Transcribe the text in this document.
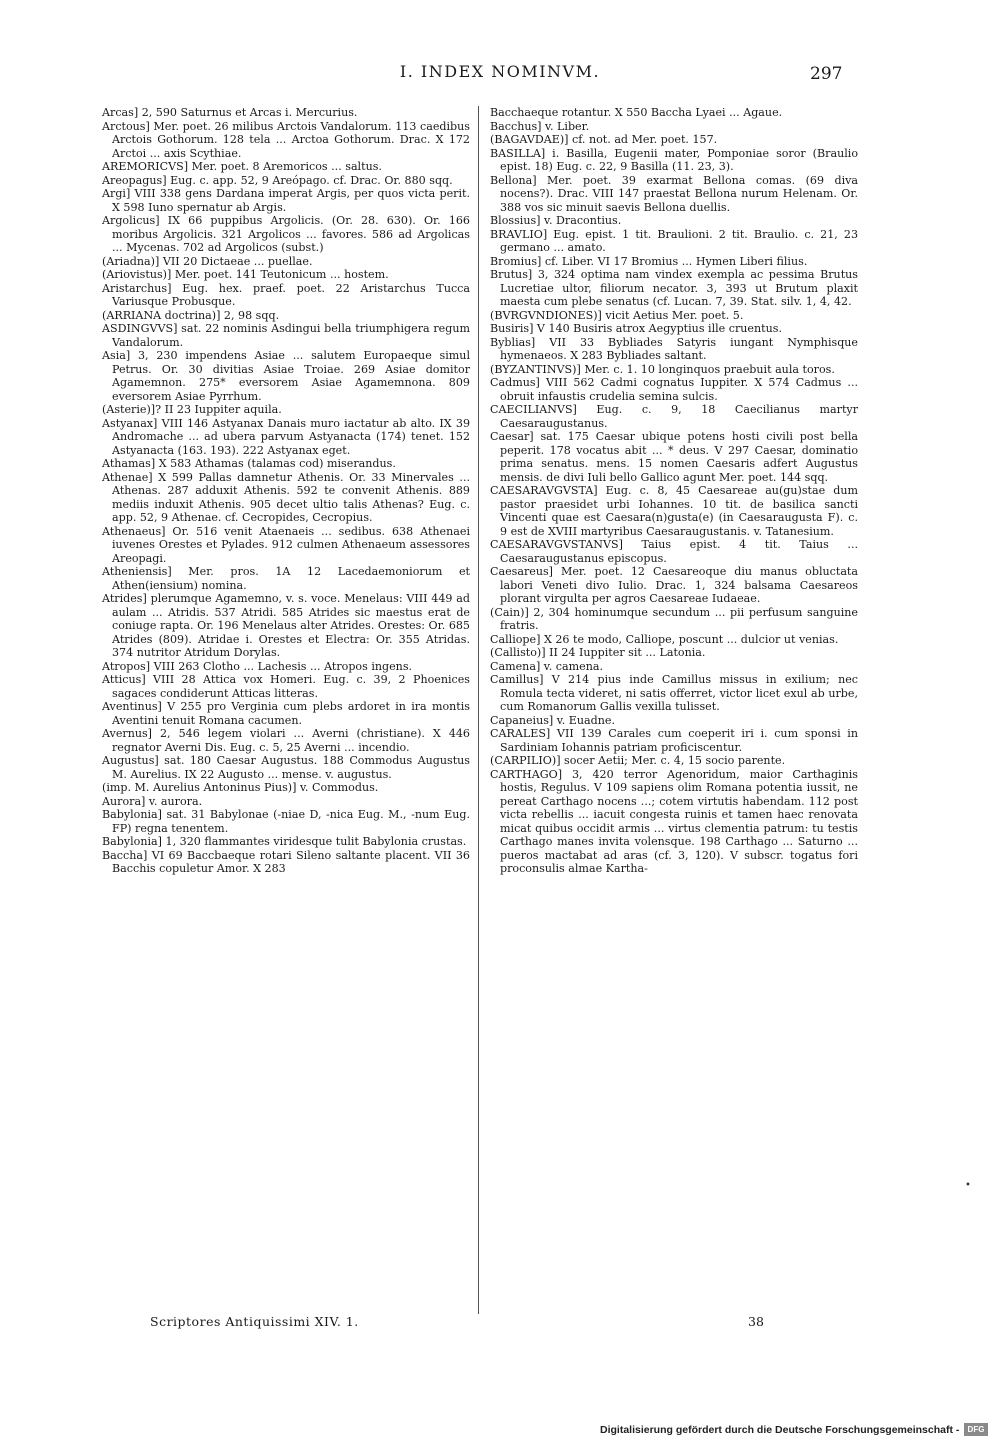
I. INDEX NOMINVM.	297

Arcas] 2, 590 Saturnus et Arcas i. Mercurius.

Arctous] Mer. poet. 26 milibus Arctois Vandalorum. 113 caedibus Arctois Gothorum. 128 tela ... Arctoa Gothorum. Drac. X 172 Arctoi ... axis Scythiae.

AREMORICVS] Mer. poet. 8 Aremoricos ... saltus.

Areopagus] Eug. c. app. 52, 9 Areópago. cf. Drac. Or. 880 sqq.

Argi] VIII 338 gens Dardana imperat Argis, per quos victa perit. X 598 Iuno spernatur ab Argis.

Argolicus] IX 66 puppibus Argolicis. (Or. 28. 630). Or. 166 moribus Argolicis. 321 Argolicos ... favores. 586 ad Argolicas ... Mycenas. 702 ad Argolicos (subst.)

(Ariadna)] VII 20 Dictaeae ... puellae.

(Ariovistus)] Mer. poet. 141 Teutonicum ... hostem.

Aristarchus] Eug. hex. praef. poet. 22 Aristarchus Tucca Variusque Probusque.

(ARRIANA doctrina)] 2, 98 sqq.

ASDINGVVS] sat. 22 nominis Asdingui bella triumphigera regum Vandalorum.

Asia] 3, 230 impendens Asiae ... salutem Europaeque simul Petrus. Or. 30 divitias Asiae Troiae. 269 Asiae domitor Agamemnon. 275* eversorem Asiae Agamemnona. 809 eversorem Asiae Pyrrhum.

(Asterie)]? II 23 Iuppiter aquila.

Astyanax] VIII 146 Astyanax Danais muro iactatur ab alto. IX 39 Andromache ... ad ubera parvum Astyanacta (174) tenet. 152 Astyanacta (163. 193). 222 Astyanax eget.

Athamas] X 583 Athamas (talamas cod) miserandus.

Athenae] X 599 Pallas damnetur Athenis. Or. 33 Minervales ... Athenas. 287 adduxit Athenis. 592 te convenit Athenis. 889 mediis induxit Athenis. 905 decet ultio talis Athenas? Eug. c. app. 52, 9 Athenae. cf. Cecropides, Cecropius.

Athenaeus] Or. 516 venit Ataenaeis ... sedibus. 638 Athenaei iuvenes Orestes et Pylades. 912 culmen Athenaeum assessores Areopagi.

Atheniensis] Mer. pros. 1A 12 Lacedaemoniorum et Athen(iensium) nomina.

Atrides] plerumque Agamemno, v. s. voce. Menelaus: VIII 449 ad aulam ... Atridis. 537 Atridi. 585 Atrides sic maestus erat de coniuge rapta. Or. 196 Menelaus alter Atrides. Orestes: Or. 685 Atrides (809). Atridae i. Orestes et Electra: Or. 355 Atridas. 374 nutritor Atridum Dorylas.

Atropos] VIII 263 Clotho ... Lachesis ... Atropos ingens.

Atticus] VIII 28 Attica vox Homeri. Eug. c. 39, 2 Phoenices sagaces condiderunt Atticas litteras.

Aventinus] V 255 pro Verginia cum plebs ardoret in ira montis Aventini tenuit Romana cacumen.

Avernus] 2, 546 legem violari ... Averni (christiane). X 446 regnator Averni Dis. Eug. c. 5, 25 Averni ... incendio.

Augustus] sat. 180 Caesar Augustus. 188 Commodus Augustus M. Aurelius. IX 22 Augusto ... mense. v. augustus.

(imp. M. Aurelius Antoninus Pius)] v. Commodus.

Aurora] v. aurora.

Babylonia] sat. 31 Babylonae (-niae D, -nica Eug. M., -num Eug. FP) regna tenentem.

Babylonia] 1, 320 flammantes viridesque tulit Babylonia crustas.

Baccha] VI 69 Baccbaeque rotari Sileno saltante placent. VII 36 Bacchis copuletur Amor. X 283

Bacchaeque rotantur. X 550 Baccha Lyaei ... Agaue.

Bacchus] v. Liber.

(BAGAVDAE)] cf. not. ad Mer. poet. 157.

BASILLA] i. Basilla, Eugenii mater, Pomponiae soror (Braulio epist. 18) Eug. c. 22, 9 Basilla (11. 23, 3).

Bellona] Mer. poet. 39 exarmat Bellona comas. (69 diva nocens?). Drac. VIII 147 praestat Bellona nurum Helenam. Or. 388 vos sic minuit saevis Bellona duellis.

Blossius] v. Dracontius.

BRAVLIO] Eug. epist. 1 tit. Braulioni. 2 tit. Braulio. c. 21, 23 germano ... amato.

Bromius] cf. Liber. VI 17 Bromius ... Hymen Liberi filius.

Brutus] 3, 324 optima nam vindex exempla ac pessima Brutus Lucretiae ultor, filiorum necator. 3, 393 ut Brutum plaxit maesta cum plebe senatus (cf. Lucan. 7, 39. Stat. silv. 1, 4, 42.

(BVRGVNDIONES)] vicit Aetius Mer. poet. 5.

Busiris] V 140 Busiris atrox Aegyptius ille cruentus.

Byblias] VII 33 Bybliades Satyris iungant Nymphisque hymenaeos. X 283 Bybliades saltant.

(BYZANTINVS)] Mer. c. 1. 10 longinquos praebuit aula toros.

Cadmus] VIII 562 Cadmi cognatus Iuppiter. X 574 Cadmus ... obruit infaustis crudelia semina sulcis.

CAECILIANVS] Eug. c. 9, 18 Caecilianus martyr Caesaraugustanus.

Caesar] sat. 175 Caesar ubique potens hosti civili post bella peperit. 178 vocatus abit ... * deus. V 297 Caesar, dominatio prima senatus. mens. 15 nomen Caesaris adfert Augustus mensis. de divi Iuli bello Gallico agunt Mer. poet. 144 sqq.

CAESARAVGVSTA] Eug. c. 8, 45 Caesareae au(gu)stae dum pastor praesidet urbi Iohannes. 10 tit. de basilica sancti Vincenti quae est Caesara(n)gusta(e) (in Caesaraugusta F). c. 9 est de XVIII martyribus Caesaraugustanis. v. Tatanesium.

CAESARAVGVSTANVS] Taius epist. 4 tit. Taius ... Caesaraugustanus episcopus.

Caesareus] Mer. poet. 12 Caesareoque diu manus obluctata labori Veneti divo Iulio. Drac. 1, 324 balsama Caesareos plorant virgulta per agros Caesareae Iudaeae.

(Cain)] 2, 304 hominumque secundum ... pii perfusum sanguine fratris.

Calliope] X 26 te modo, Calliope, poscunt ... dulcior ut venias.

(Callisto)] II 24 Iuppiter sit ... Latonia.

Camena] v. camena.

Camillus] V 214 pius inde Camillus missus in exilium; nec Romula tecta videret, ni satis offerret, victor licet exul ab urbe, cum Romanorum Gallis vexilla tulisset.

Capaneius] v. Euadne.

CARALES] VII 139 Carales cum coeperit iri i. cum sponsi in Sardiniam Iohannis patriam proficiscentur.

(CARPILIO)] socer Aetii; Mer. c. 4, 15 socio parente.

CARTHAGO] 3, 420 terror Agenoridum, maior Carthaginis hostis, Regulus. V 109 sapiens olim Romana potentia iussit, ne pereat Carthago nocens ...; cotem virtutis habendam. 112 post victa rebellis ... iacuit congesta ruinis et tamen haec renovata micat quibus occidit armis ... virtus clementia patrum: tu testis Carthago manes invita volensque. 198 Carthago ... Saturno ... pueros mactabat ad aras (cf. 3, 120). V subscr. togatus fori proconsulis almae Kartha-

Scriptores Antiquissimi XIV. 1.	38
•
Digitalisierung gefördert durch die Deutsche Forschungsgemeinschaft -	DFG
